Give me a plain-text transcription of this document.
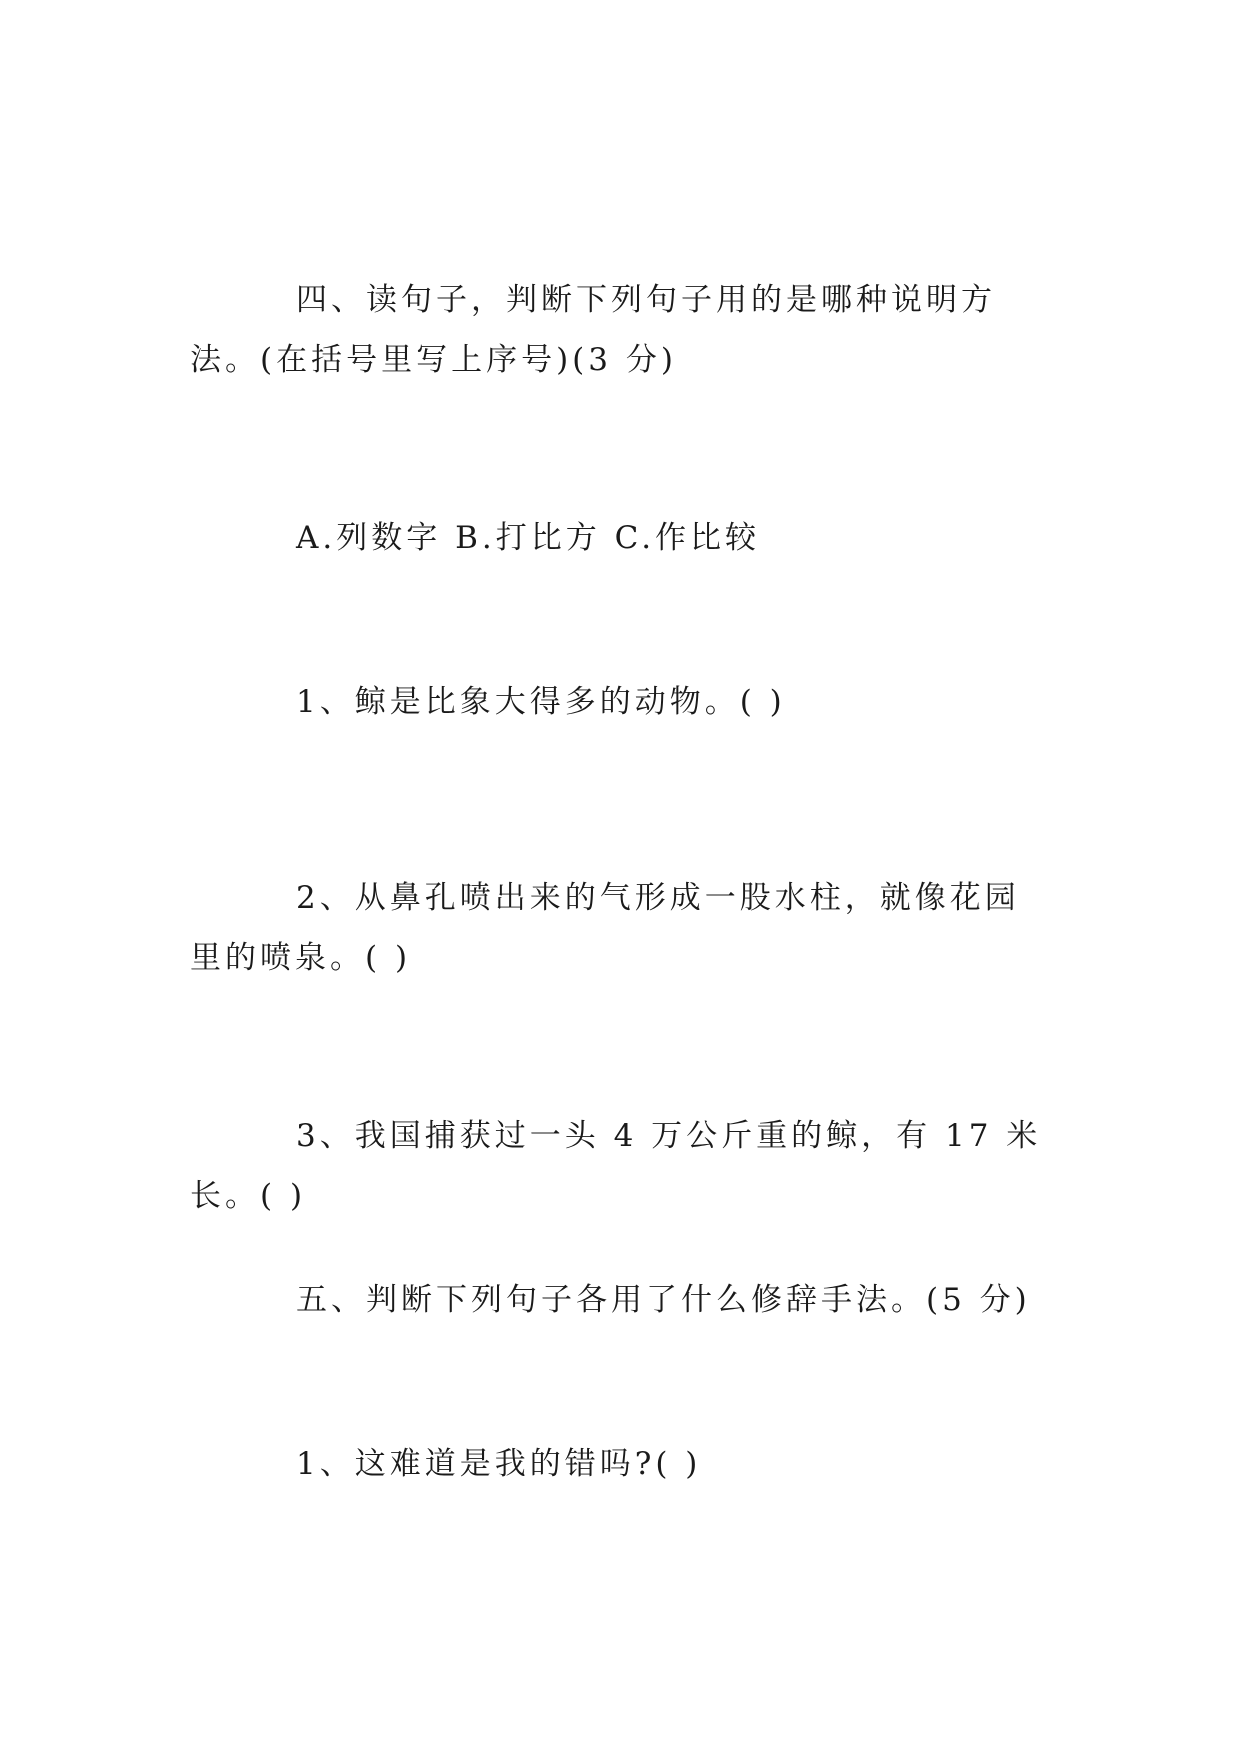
四、读句子，判断下列句子用的是哪种说明方法。(在括号里写上序号)(3 分)

A.列数字 B.打比方 C.作比较

1、鲸是比象大得多的动物。( )

2、从鼻孔喷出来的气形成一股水柱，就像花园里的喷泉。( )

3、我国捕获过一头 4 万公斤重的鲸，有 17 米长。( )

五、判断下列句子各用了什么修辞手法。(5 分)

1、这难道是我的错吗?( )
